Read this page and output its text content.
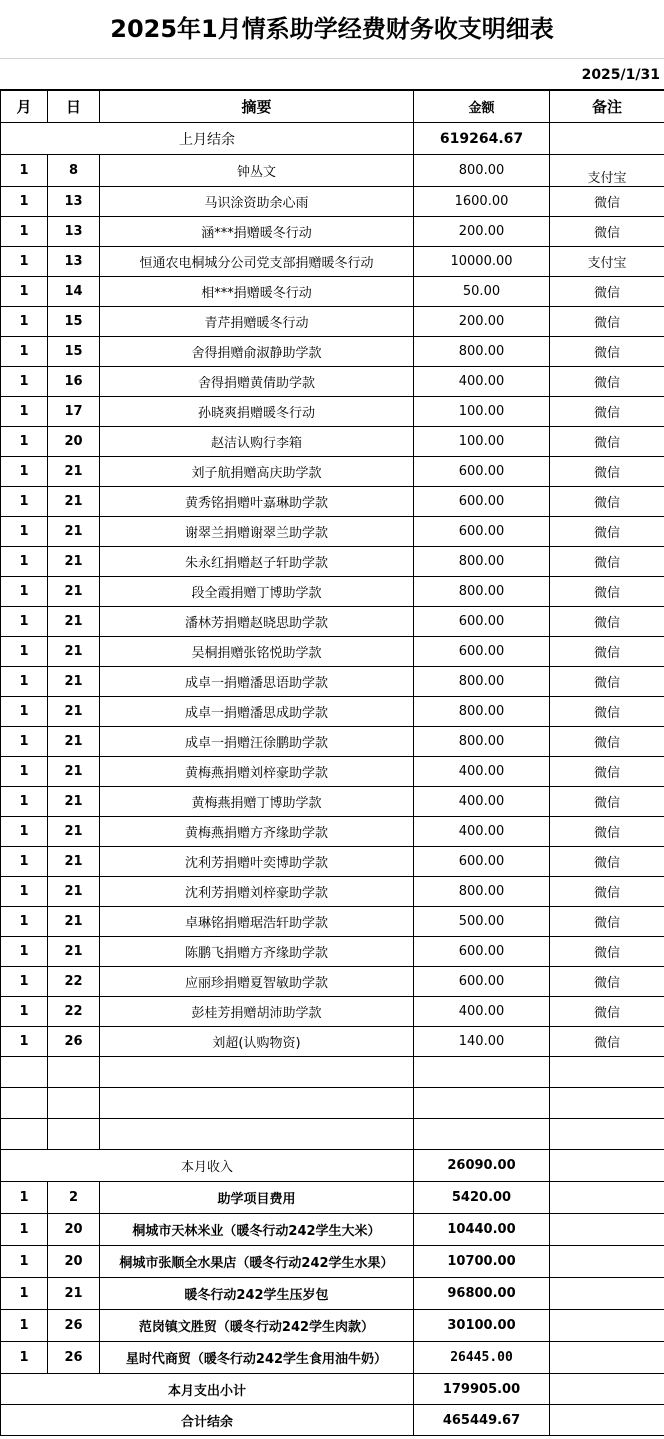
2025年1月情系助学经费财务收支明细表
2025/1/31
月	日	摘要	金额	备注
上月结余			619264.67	
1	8	钟丛文	800.00	支付宝
1	13	马识涂资助余心雨	1600.00	微信
1	13	涵***捐赠暖冬行动	200.00	微信
1	13	恒通农电桐城分公司党支部捐赠暖冬行动	10000.00	支付宝
1	14	相***捐赠暖冬行动	50.00	微信
1	15	青芹捐赠暖冬行动	200.00	微信
1	15	舍得捐赠俞淑静助学款	800.00	微信
1	16	舍得捐赠黄倩助学款	400.00	微信
1	17	孙晓爽捐赠暖冬行动	100.00	微信
1	20	赵洁认购行李箱	100.00	微信
1	21	刘子航捐赠高庆助学款	600.00	微信
1	21	黄秀铭捐赠叶嘉琳助学款	600.00	微信
1	21	谢翠兰捐赠谢翠兰助学款	600.00	微信
1	21	朱永红捐赠赵子轩助学款	800.00	微信
1	21	段全霞捐赠丁博助学款	800.00	微信
1	21	潘林芳捐赠赵晓思助学款	600.00	微信
1	21	吴桐捐赠张铭悦助学款	600.00	微信
1	21	成卓一捐赠潘思语助学款	800.00	微信
1	21	成卓一捐赠潘思成助学款	800.00	微信
1	21	成卓一捐赠汪徐鹏助学款	800.00	微信
1	21	黄梅燕捐赠刘梓豪助学款	400.00	微信
1	21	黄梅燕捐赠丁博助学款	400.00	微信
1	21	黄梅燕捐赠方齐缘助学款	400.00	微信
1	21	沈利芳捐赠叶奕博助学款	600.00	微信
1	21	沈利芳捐赠刘梓豪助学款	800.00	微信
1	21	卓琳铭捐赠琚浩轩助学款	500.00	微信
1	21	陈鹏飞捐赠方齐缘助学款	600.00	微信
1	22	应丽珍捐赠夏智敏助学款	600.00	微信
1	22	彭桂芳捐赠胡沛助学款	400.00	微信
1	26	刘超(认购物资)	140.00	微信

本月收入			26090.00	
1	2	助学项目费用	5420.00	
1	20	桐城市天林米业（暖冬行动242学生大米）	10440.00	
1	20	桐城市张顺全水果店（暖冬行动242学生水果）	10700.00	
1	21	暖冬行动242学生压岁包	96800.00	
1	26	范岗镇文胜贸（暖冬行动242学生肉款）	30100.00	
1	26	星时代商贸（暖冬行动242学生食用油牛奶）	26445.00	
本月支出小计			179905.00	
合计结余			465449.67	
